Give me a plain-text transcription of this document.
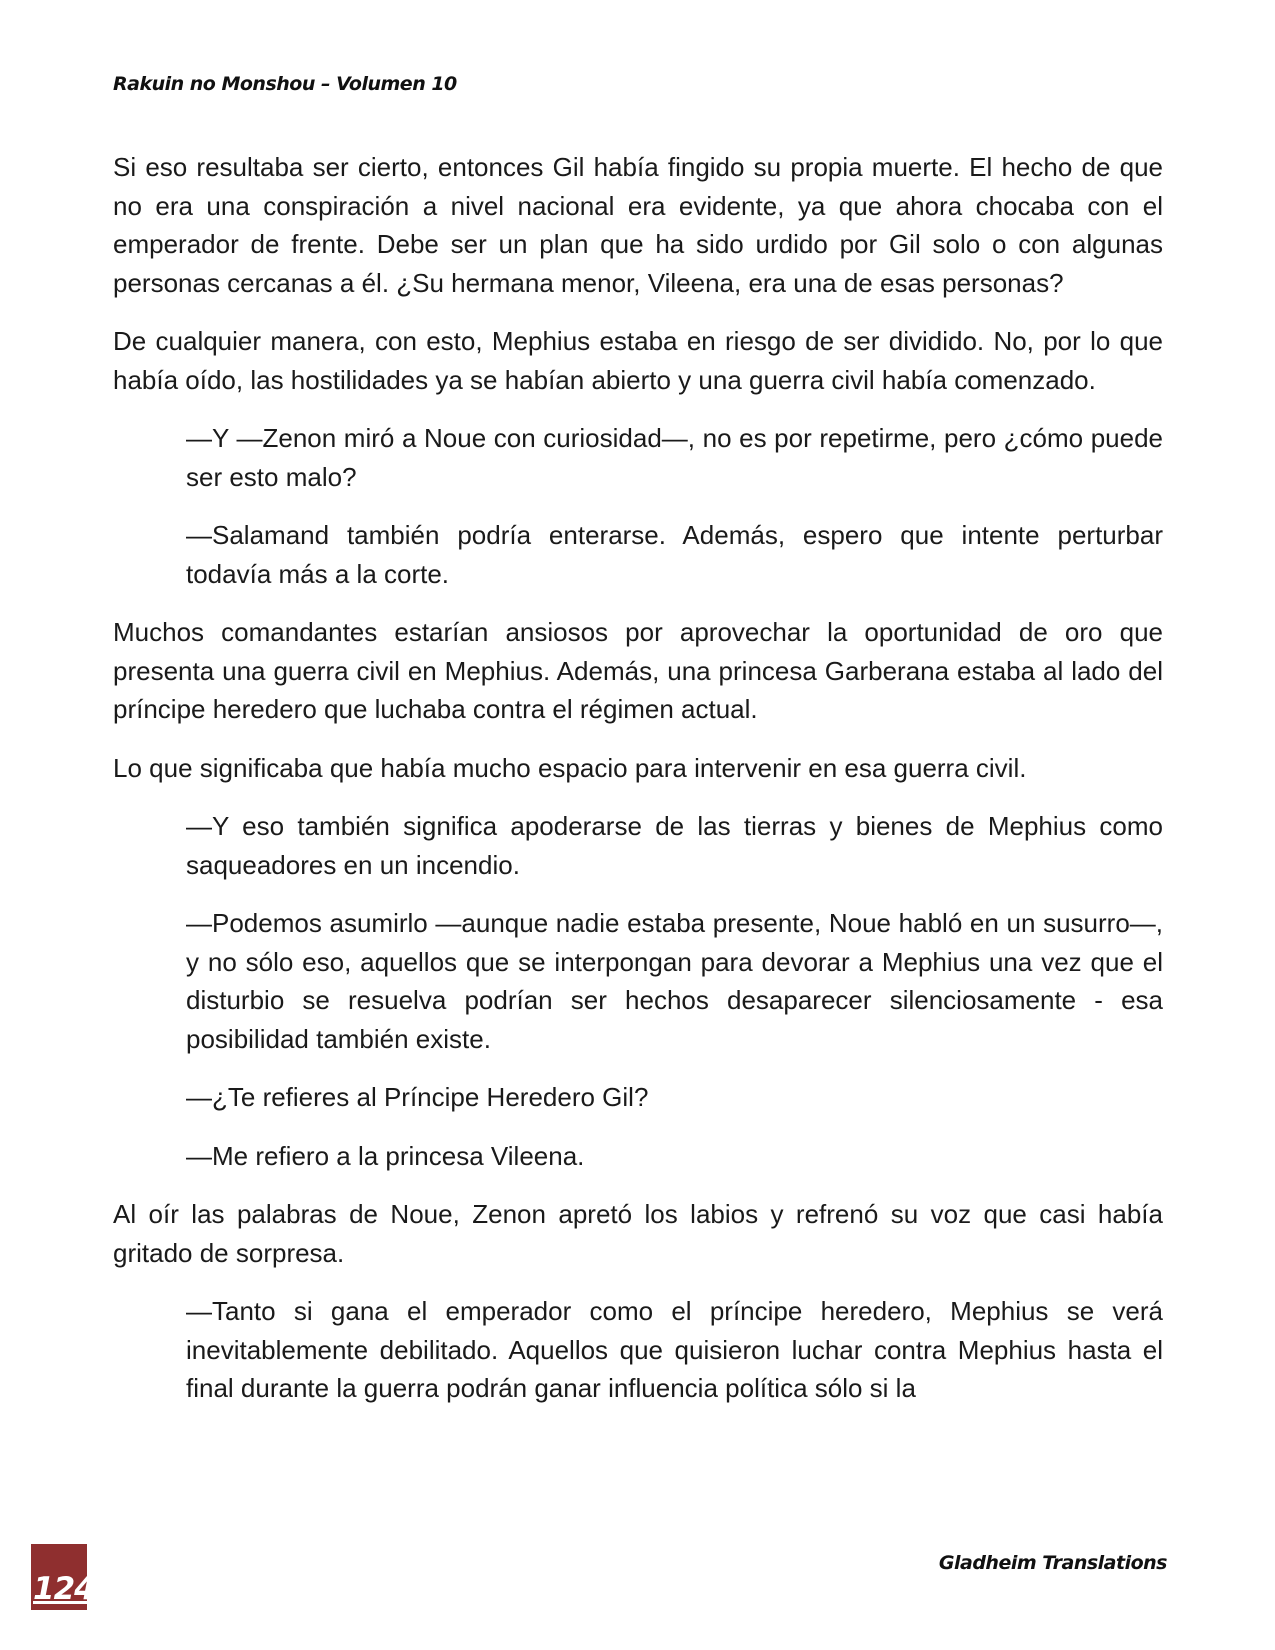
Rakuin no Monshou – Volumen 10

Si eso resultaba ser cierto, entonces Gil había fingido su propia muerte. El hecho de que no era una conspiración a nivel nacional era evidente, ya que ahora chocaba con el emperador de frente. Debe ser un plan que ha sido urdido por Gil solo o con algunas personas cercanas a él. ¿Su hermana menor, Vileena, era una de esas personas?

De cualquier manera, con esto, Mephius estaba en riesgo de ser dividido. No, por lo que había oído, las hostilidades ya se habían abierto y una guerra civil había comenzado.

—Y —Zenon miró a Noue con curiosidad—, no es por repetirme, pero ¿cómo puede ser esto malo?

—Salamand también podría enterarse. Además, espero que intente perturbar todavía más a la corte.

Muchos comandantes estarían ansiosos por aprovechar la oportunidad de oro que presenta una guerra civil en Mephius. Además, una princesa Garberana estaba al lado del príncipe heredero que luchaba contra el régimen actual.

Lo que significaba que había mucho espacio para intervenir en esa guerra civil.

—Y eso también significa apoderarse de las tierras y bienes de Mephius como saqueadores en un incendio.

—Podemos asumirlo —aunque nadie estaba presente, Noue habló en un susurro—, y no sólo eso, aquellos que se interpongan para devorar a Mephius una vez que el disturbio se resuelva podrían ser hechos desaparecer silenciosamente - esa posibilidad también existe.

—¿Te refieres al Príncipe Heredero Gil?

—Me refiero a la princesa Vileena.

Al oír las palabras de Noue, Zenon apretó los labios y refrenó su voz que casi había gritado de sorpresa.

—Tanto si gana el emperador como el príncipe heredero, Mephius se verá inevitablemente debilitado. Aquellos que quisieron luchar contra Mephius hasta el final durante la guerra podrán ganar influencia política sólo si la

124
Gladheim Translations
